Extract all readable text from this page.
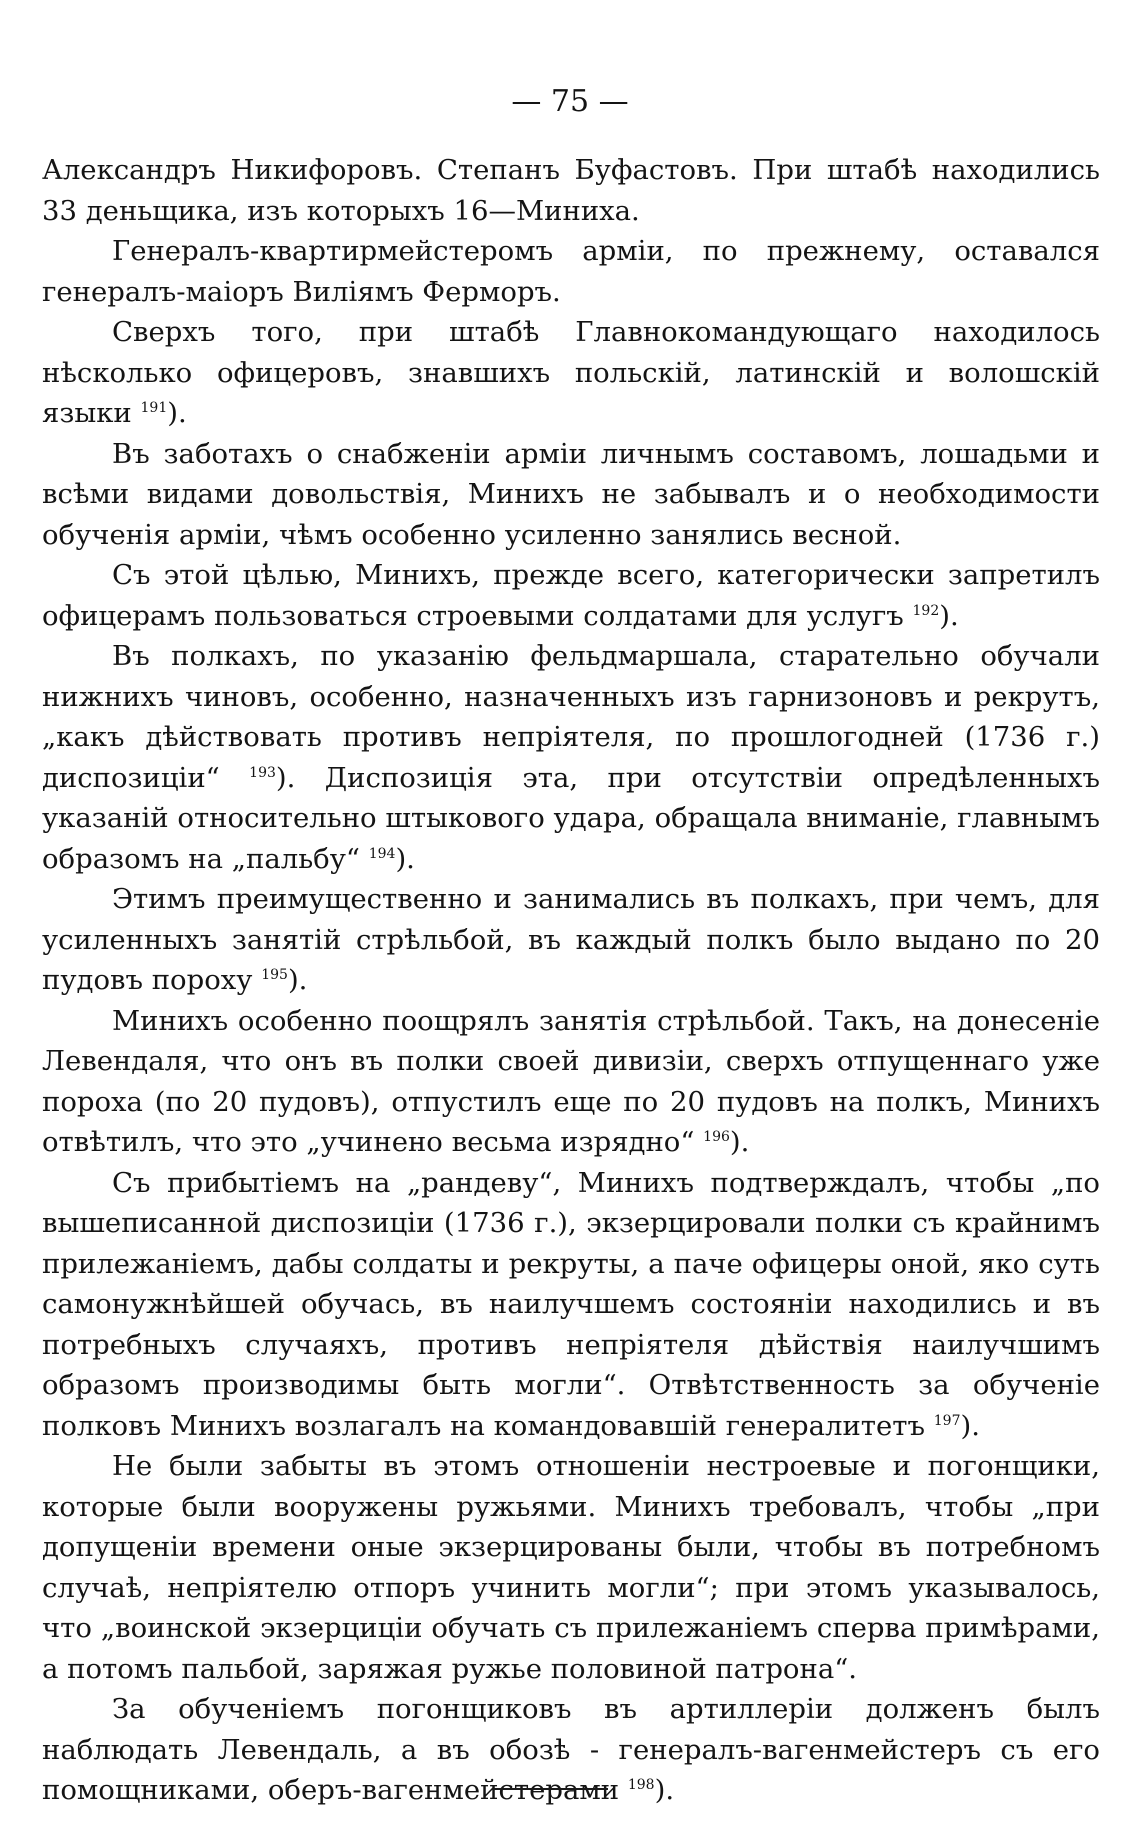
— 75 —

Александръ Никифоровъ. Степанъ Буфастовъ. При штабѣ находились 33 деньщика, изъ которыхъ 16—Миниха.

Генералъ-квартирмейстеромъ арміи, по прежнему, оставался генералъ-маіоръ Виліямъ Ферморъ.

Сверхъ того, при штабѣ Главнокомандующаго находилось нѣсколько офицеровъ, знавшихъ польскій, латинскій и волошскій языки $^{191}$).

Въ заботахъ о снабженіи арміи личнымъ составомъ, лошадьми и всѣми видами довольствія, Минихъ не забывалъ и о необходимости обученія арміи, чѣмъ особенно усиленно занялись весной.

Съ этой цѣлью, Минихъ, прежде всего, категорически запретилъ офицерамъ пользоваться строевыми солдатами для услугъ $^{192}$).

Въ полкахъ, по указанію фельдмаршала, старательно обучали нижнихъ чиновъ, особенно, назначенныхъ изъ гарнизоновъ и рекрутъ, „какъ дѣйствовать противъ непріятеля, по прошлогодней (1736 г.) диспозиціи“ $^{193}$). Диспозиція эта, при отсутствіи опредѣленныхъ указаній относительно штыкового удара, обращала вниманіе, главнымъ образомъ на „пальбу“ $^{194}$).

Этимъ преимущественно и занимались въ полкахъ, при чемъ, для усиленныхъ занятій стрѣльбой, въ каждый полкъ было выдано по 20 пудовъ пороху $^{195}$).

Минихъ особенно поощрялъ занятія стрѣльбой. Такъ, на донесеніе Левендаля, что онъ въ полки своей дивизіи, сверхъ отпущеннаго уже пороха (по 20 пудовъ), отпустилъ еще по 20 пудовъ на полкъ, Минихъ отвѣтилъ, что это „учинено весьма изрядно“ $^{196}$).

Съ прибытіемъ на „рандеву“, Минихъ подтверждалъ, чтобы „по вышеписанной диспозиціи (1736 г.), экзерцировали полки съ крайнимъ прилежаніемъ, дабы солдаты и рекруты, а паче офицеры оной, яко суть самонужнѣйшей обучась, въ наилучшемъ состояніи находились и въ потребныхъ случаяхъ, противъ непріятеля дѣйствія наилучшимъ образомъ производимы быть могли“. Отвѣтственность за обученіе полковъ Минихъ возлагалъ на командовавшій генералитетъ $^{197}$).

Не были забыты въ этомъ отношеніи нестроевые и погонщики, которые были вооружены ружьями. Минихъ требовалъ, чтобы „при допущеніи времени оные экзерцированы были, чтобы въ потребномъ случаѣ, непріятелю отпоръ учинить могли“; при этомъ указывалось, что „воинской экзерциціи обучать съ прилежаніемъ сперва примѣрами, а потомъ пальбой, заряжая ружье половиной патрона“.

За обученіемъ погонщиковъ въ артиллеріи долженъ былъ наблюдать Левендаль, а въ обозѣ - генералъ-вагенмейстеръ съ его помощниками, оберъ-вагенмейстерами $^{198}$).
